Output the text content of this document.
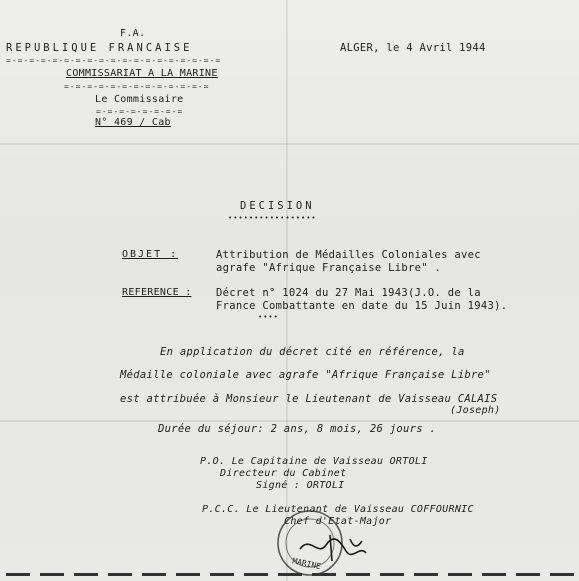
F.A.
REPUBLIQUE FRANCAISE
=-=-=-=-=-=-=-=-=-=-=-=-=-=-=-=-=-=-=
COMMISSARIAT A LA MARINE
=-=-=-=-=-=-=-=-=-=-=-=-=
Le Commissaire
=-=-=-=-=-=-=-=
N° 469 / Cab
ALGER, le 4 Avril 1944
DECISION
•••••••••••••••••
OBJET :	Attribution de Médailles Coloniales avec
agrafe "Afrique Française Libre" .
REFERENCE : Décret n° 1024 du 27 Mai 1943(J.O. de la
France Combattante en date du 15 Juin 1943).
••••
En application du décret cité en référence, la
Médaille coloniale avec agrafe "Afrique Française Libre"
est attribuée à Monsieur le Lieutenant de Vaisseau CALAIS
(Joseph)
Durée du séjour: 2 ans, 8 mois, 26 jours .
P.O. Le Capitaine de Vaisseau ORTOLI
Directeur du Cabinet
Signé : ORTOLI
P.C.C. Le Lieutenant de Vaisseau COFFOURNIC
Chef d'Etat-Major
MARINE
